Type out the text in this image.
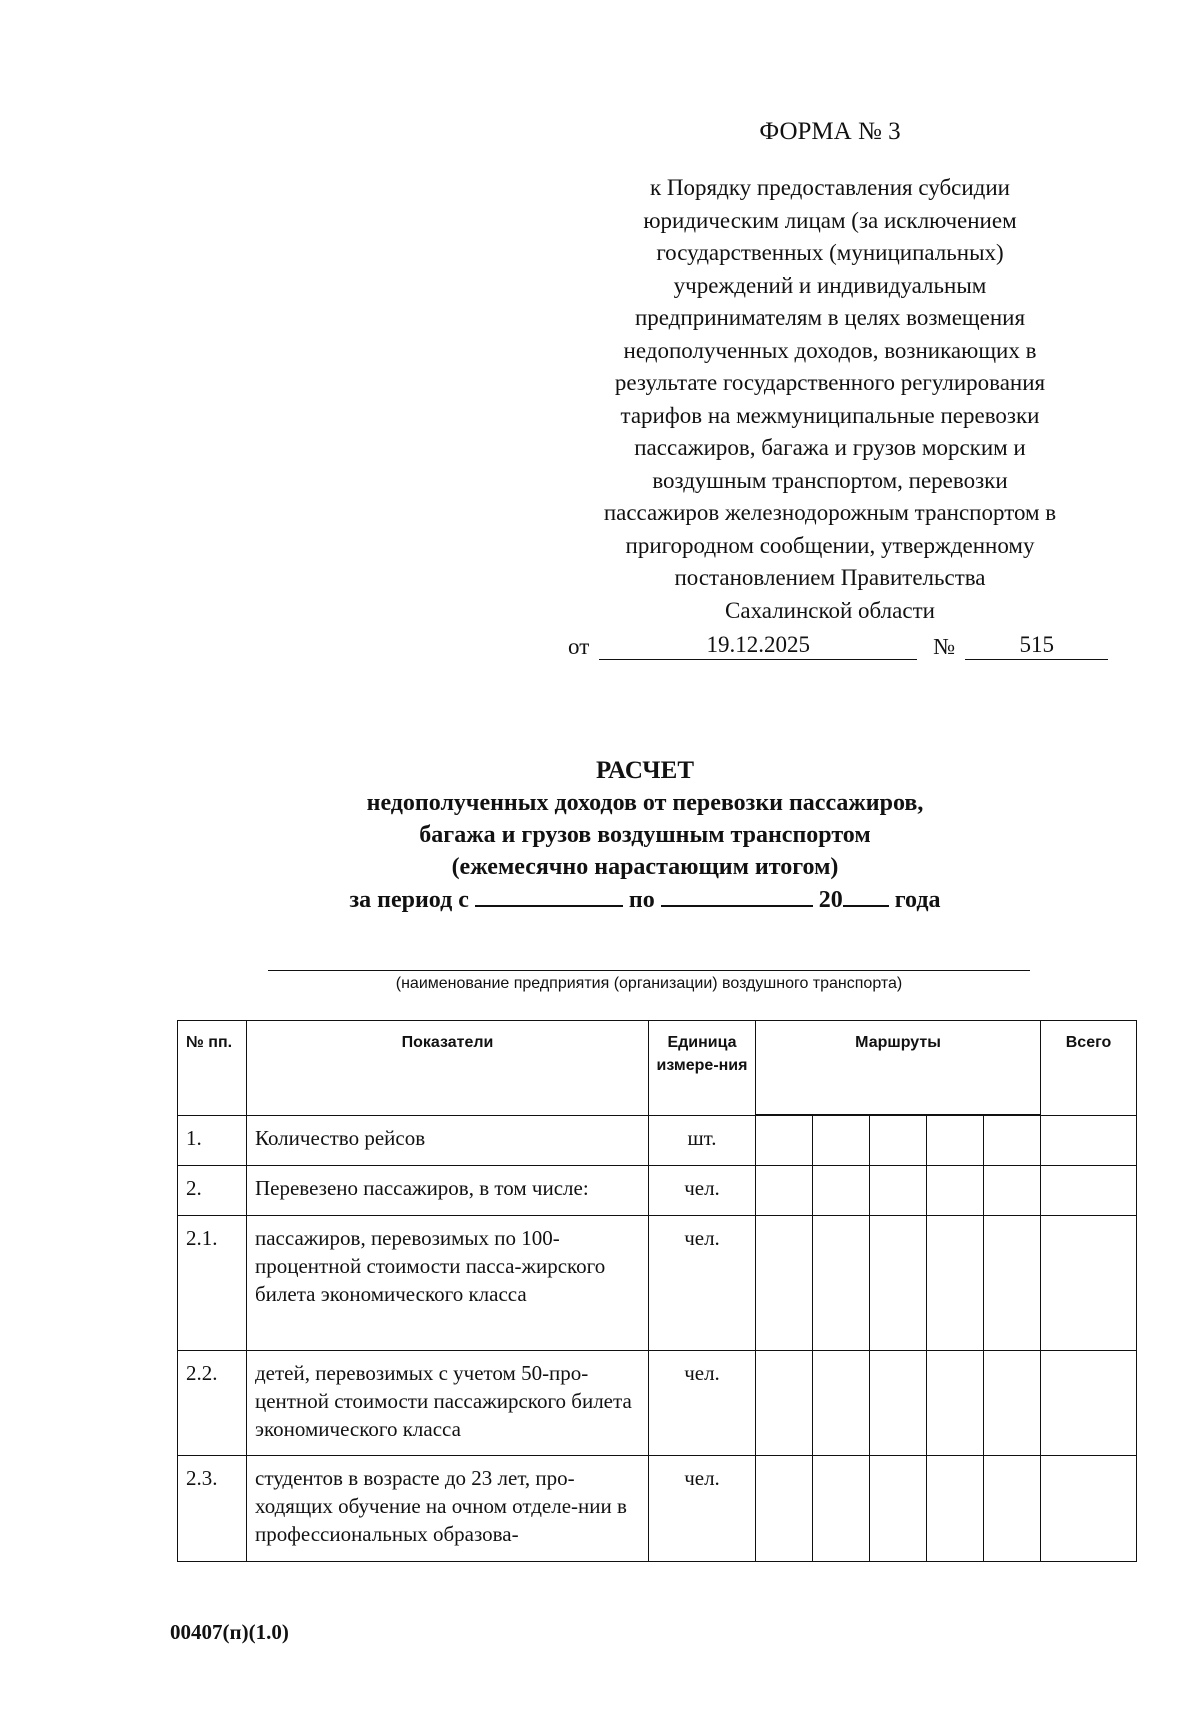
ФОРМА № 3
к Порядку предоставления субсидии
юридическим лицам (за исключением
государственных (муниципальных)
учреждений и индивидуальным
предпринимателям в целях возмещения
недополученных доходов, возникающих в
результате государственного регулирования
тарифов на межмуниципальные перевозки
пассажиров, багажа и грузов морским и
воздушным транспортом, перевозки
пассажиров железнодорожным транспортом в
пригородном сообщении, утвержденному
постановлением Правительства
Сахалинской области
от	19.12.2025	№	515
РАСЧЕТ
недополученных доходов от перевозки пассажиров,
багажа и грузов воздушным транспортом
(ежемесячно нарастающим итогом)
за период с	по	20 года
(наименование предприятия (организации) воздушного транспорта)
№ пп.	Показатели	Единица измере-ния	Маршруты					Всего

1.	Количество рейсов	шт.						
2.	Перевезено пассажиров, в том числе:	чел.						
2.1.	пассажиров, перевозимых по 100-процентной стоимости пасса-жирского билета экономического класса	чел.						
2.2.	детей, перевозимых с учетом 50-про-центной стоимости пассажирского билета экономического класса	чел.						
2.3.	студентов в возрасте до 23 лет, про-ходящих обучение на очном отделе-нии в профессиональных образова-	чел.						
00407(п)(1.0)
